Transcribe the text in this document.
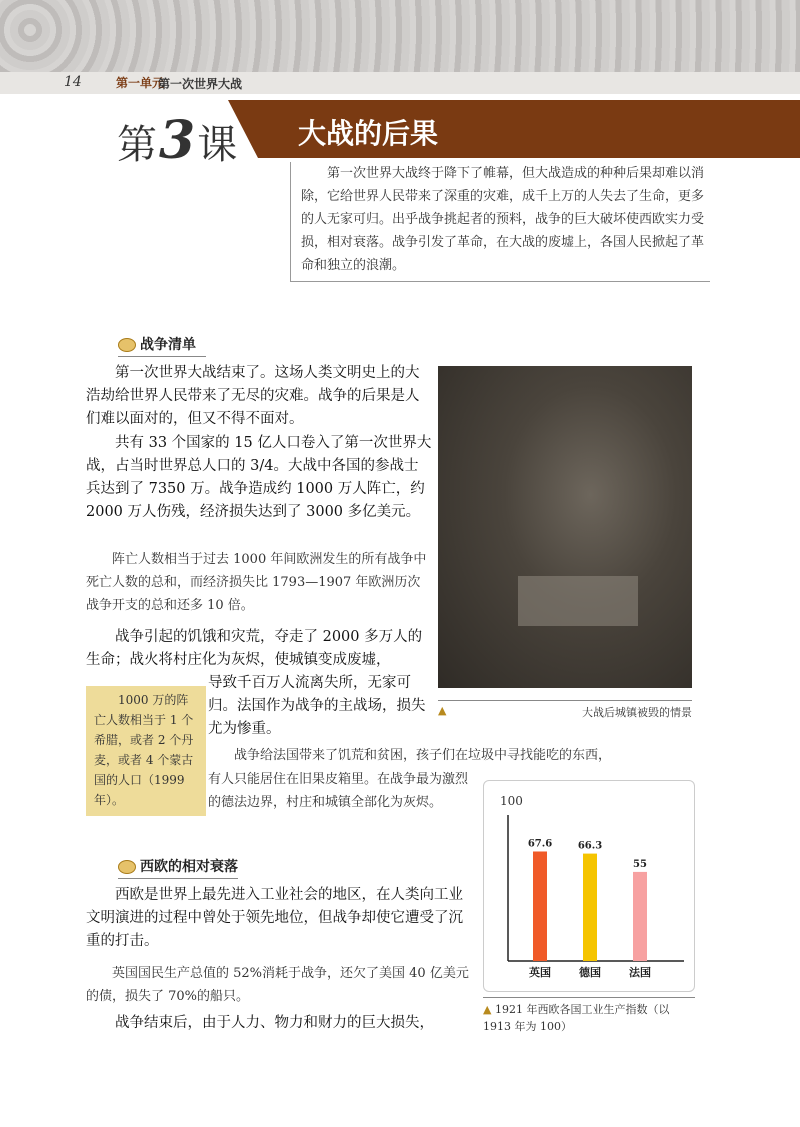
14	第一单元
第一次世界大战
第3课 大战的后果
第一次世界大战终于降下了帷幕，但大战造成的种种后果却难以消除，它给世界人民带来了深重的灾难，成千上万的人失去了生命，更多的人无家可归。出乎战争挑起者的预料，战争的巨大破坏使西欧实力受损，相对衰落。战争引发了革命，在大战的废墟上，各国人民掀起了革命和独立的浪潮。
战争清单
第一次世界大战结束了。这场人类文明史上的大浩劫给世界人民带来了无尽的灾难。战争的后果是人们难以面对的，但又不得不面对。
共有 33 个国家的 15 亿人口卷入了第一次世界大战，占当时世界总人口的 3/4。大战中各国的参战士兵达到了 7350 万。战争造成约 1000 万人阵亡，约 2000 万人伤残，经济损失达到了 3000 多亿美元。
阵亡人数相当于过去 1000 年间欧洲发生的所有战争中死亡人数的总和，而经济损失比 1793—1907 年欧洲历次战争开支的总和还多 10 倍。
战争引起的饥饿和灾荒，夺走了 2000 多万人的生命；战火将村庄化为灰烬，使城镇变成废墟，
导致千百万人流离失所，无家可归。法国作为战争的主战场，损失尤为惨重。
▲	大战后城镇被毁的情景
1000 万的阵亡人数相当于 1 个希腊，或者 2 个丹麦，或者 4 个蒙古国的人口（1999 年）。
战争给法国带来了饥荒和贫困，孩子们在垃圾中寻找能吃的东西，
有人只能居住在旧果皮箱里。在战争最为激烈的德法边界，村庄和城镇全部化为灰烬。
西欧的相对衰落
西欧是世界上最先进入工业社会的地区，在人类向工业文明演进的过程中曾处于领先地位，但战争却使它遭受了沉重的打击。
英国国民生产总值的 52%消耗于战争，还欠了美国 40 亿美元的债，损失了 70%的船只。
战争结束后，由于人力、物力和财力的巨大损失，
100
67.6
英国
66.3
德国
55
法国
▲ 1921 年西欧各国工业生产指数（以 1913 年为 100）
